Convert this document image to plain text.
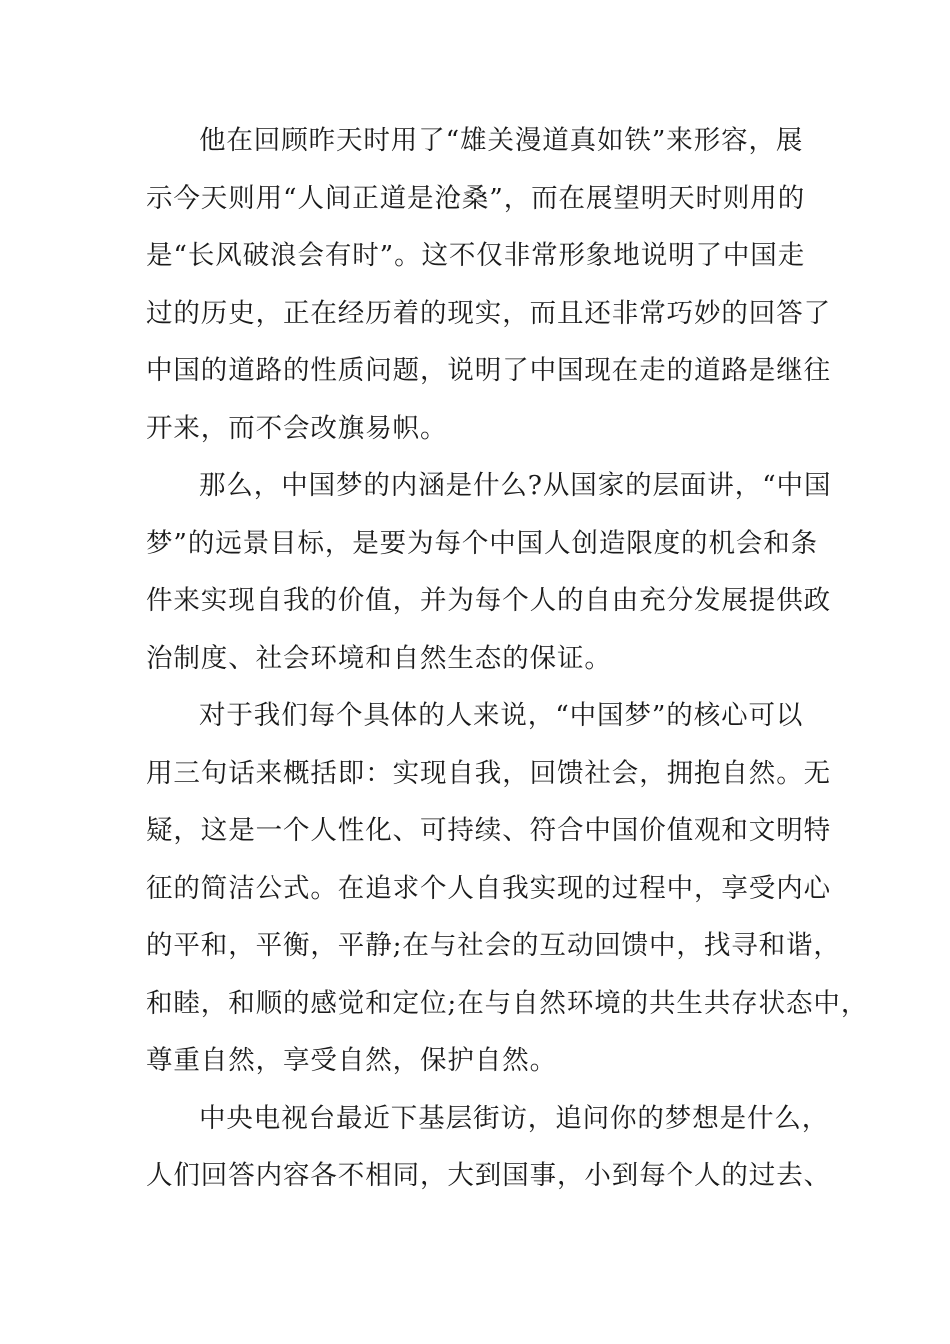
他在回顾昨天时用了“雄关漫道真如铁”来形容，展
示今天则用“人间正道是沧桑”，而在展望明天时则用的
是“长风破浪会有时”。这不仅非常形象地说明了中国走
过的历史，正在经历着的现实，而且还非常巧妙的回答了
中国的道路的性质问题，说明了中国现在走的道路是继往
开来，而不会改旗易帜。
那么，中国梦的内涵是什么?从国家的层面讲，“中国
梦”的远景目标，是要为每个中国人创造限度的机会和条
件来实现自我的价值，并为每个人的自由充分发展提供政
治制度、社会环境和自然生态的保证。
对于我们每个具体的人来说，“中国梦”的核心可以
用三句话来概括即：实现自我，回馈社会，拥抱自然。无
疑，这是一个人性化、可持续、符合中国价值观和文明特
征的简洁公式。在追求个人自我实现的过程中，享受内心
的平和，平衡，平静;在与社会的互动回馈中，找寻和谐，
和睦，和顺的感觉和定位;在与自然环境的共生共存状态中，
尊重自然，享受自然，保护自然。
中央电视台最近下基层街访，追问你的梦想是什么，
人们回答内容各不相同，大到国事，小到每个人的过去、
